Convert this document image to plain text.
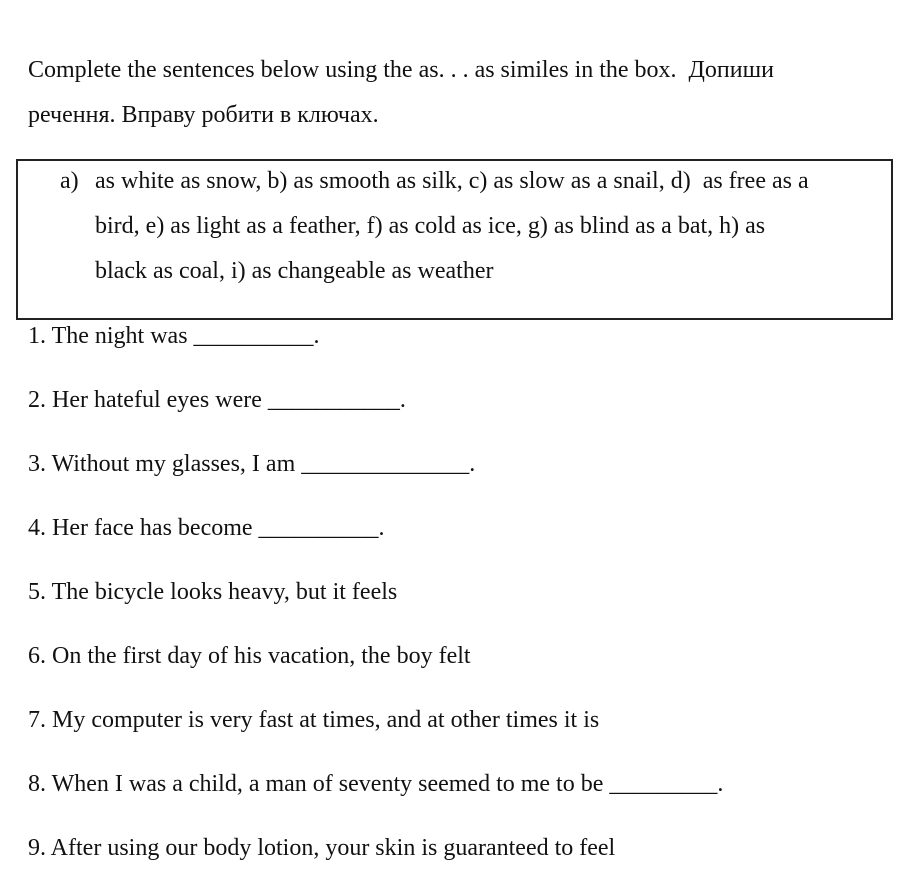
Complete the sentences below using the as. . . as similes in the box.  Допиши
речення. Вправу робити в ключах.
a) as white as snow, b) as smooth as silk, c) as slow as a snail, d)  as free as a
bird, e) as light as a feather, f) as cold as ice, g) as blind as a bat, h) as
black as coal, i) as changeable as weather
1. The night was __________.
2. Her hateful eyes were ___________.
3. Without my glasses, I am ______________.
4. Her face has become __________.
5. The bicycle looks heavy, but it feels
6. On the first day of his vacation, the boy felt
7. My computer is very fast at times, and at other times it is
8. When I was a child, a man of seventy seemed to me to be _________.
9. After using our body lotion, your skin is guaranteed to feel
